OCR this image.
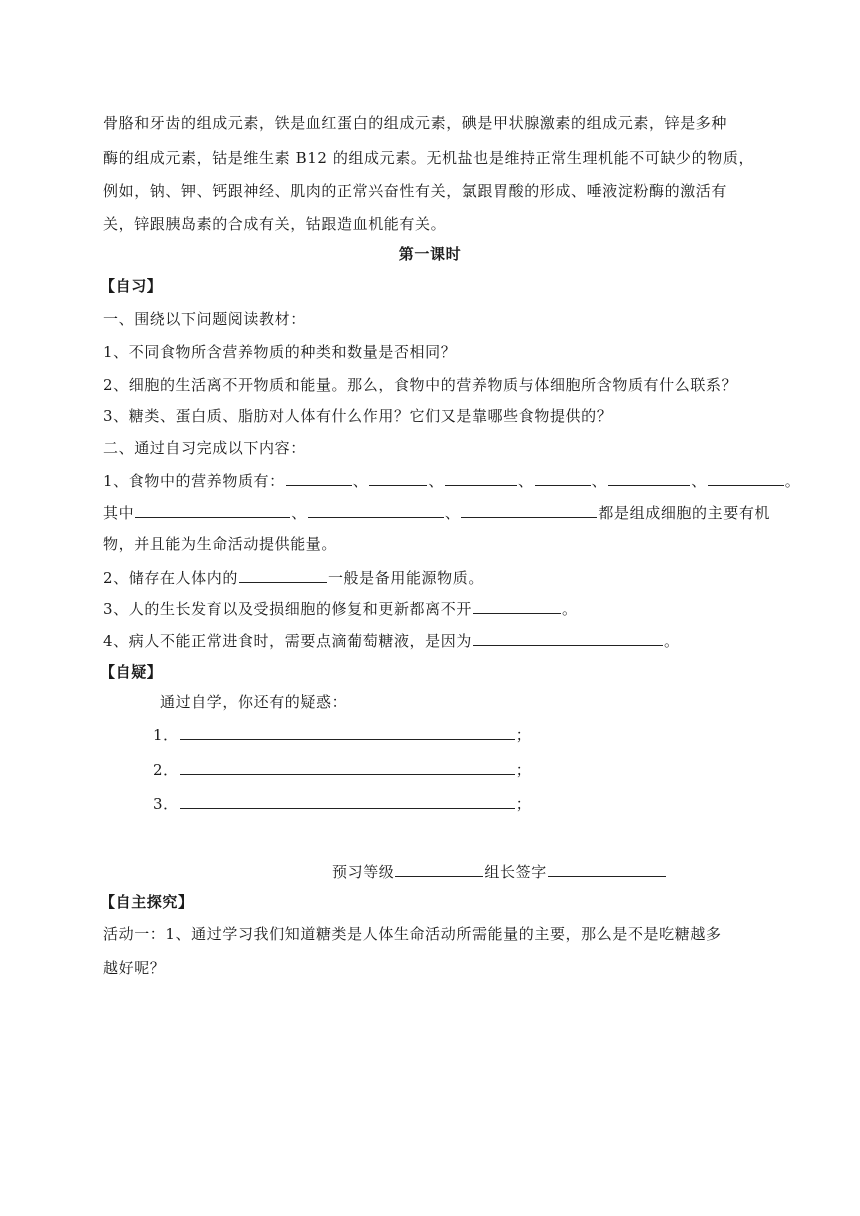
骨胳和牙齿的组成元素，铁是血红蛋白的组成元素，碘是甲状腺激素的组成元素，锌是多种
酶的组成元素，钴是维生素 B12 的组成元素。无机盐也是维持正常生理机能不可缺少的物质，
例如，钠、钾、钙跟神经、肌肉的正常兴奋性有关，氯跟胃酸的形成、唾液淀粉酶的激活有
关，锌跟胰岛素的合成有关，钴跟造血机能有关。
第一课时
【自习】
一、围绕以下问题阅读教材：
1、不同食物所含营养物质的种类和数量是否相同？
2、细胞的生活离不开物质和能量。那么，食物中的营养物质与体细胞所含物质有什么联系？
3、糖类、蛋白质、脂肪对人体有什么作用？它们又是靠哪些食物提供的？
二、通过自习完成以下内容：
1、食物中的营养物质有：	、	、	、	、	、	。
其中	、	、	都是组成细胞的主要有机
物，并且能为生命活动提供能量。
2、储存在人体内的	一般是备用能源物质。
3、人的生长发育以及受损细胞的修复和更新都离不开	。
4、病人不能正常进食时，需要点滴葡萄糖液，是因为	。
【自疑】
通过自学，你还有的疑惑：
1．	；
2．	；
3．	；
预习等级	组长签字
【自主探究】
活动一：1、通过学习我们知道糖类是人体生命活动所需能量的主要，那么是不是吃糖越多
越好呢？
